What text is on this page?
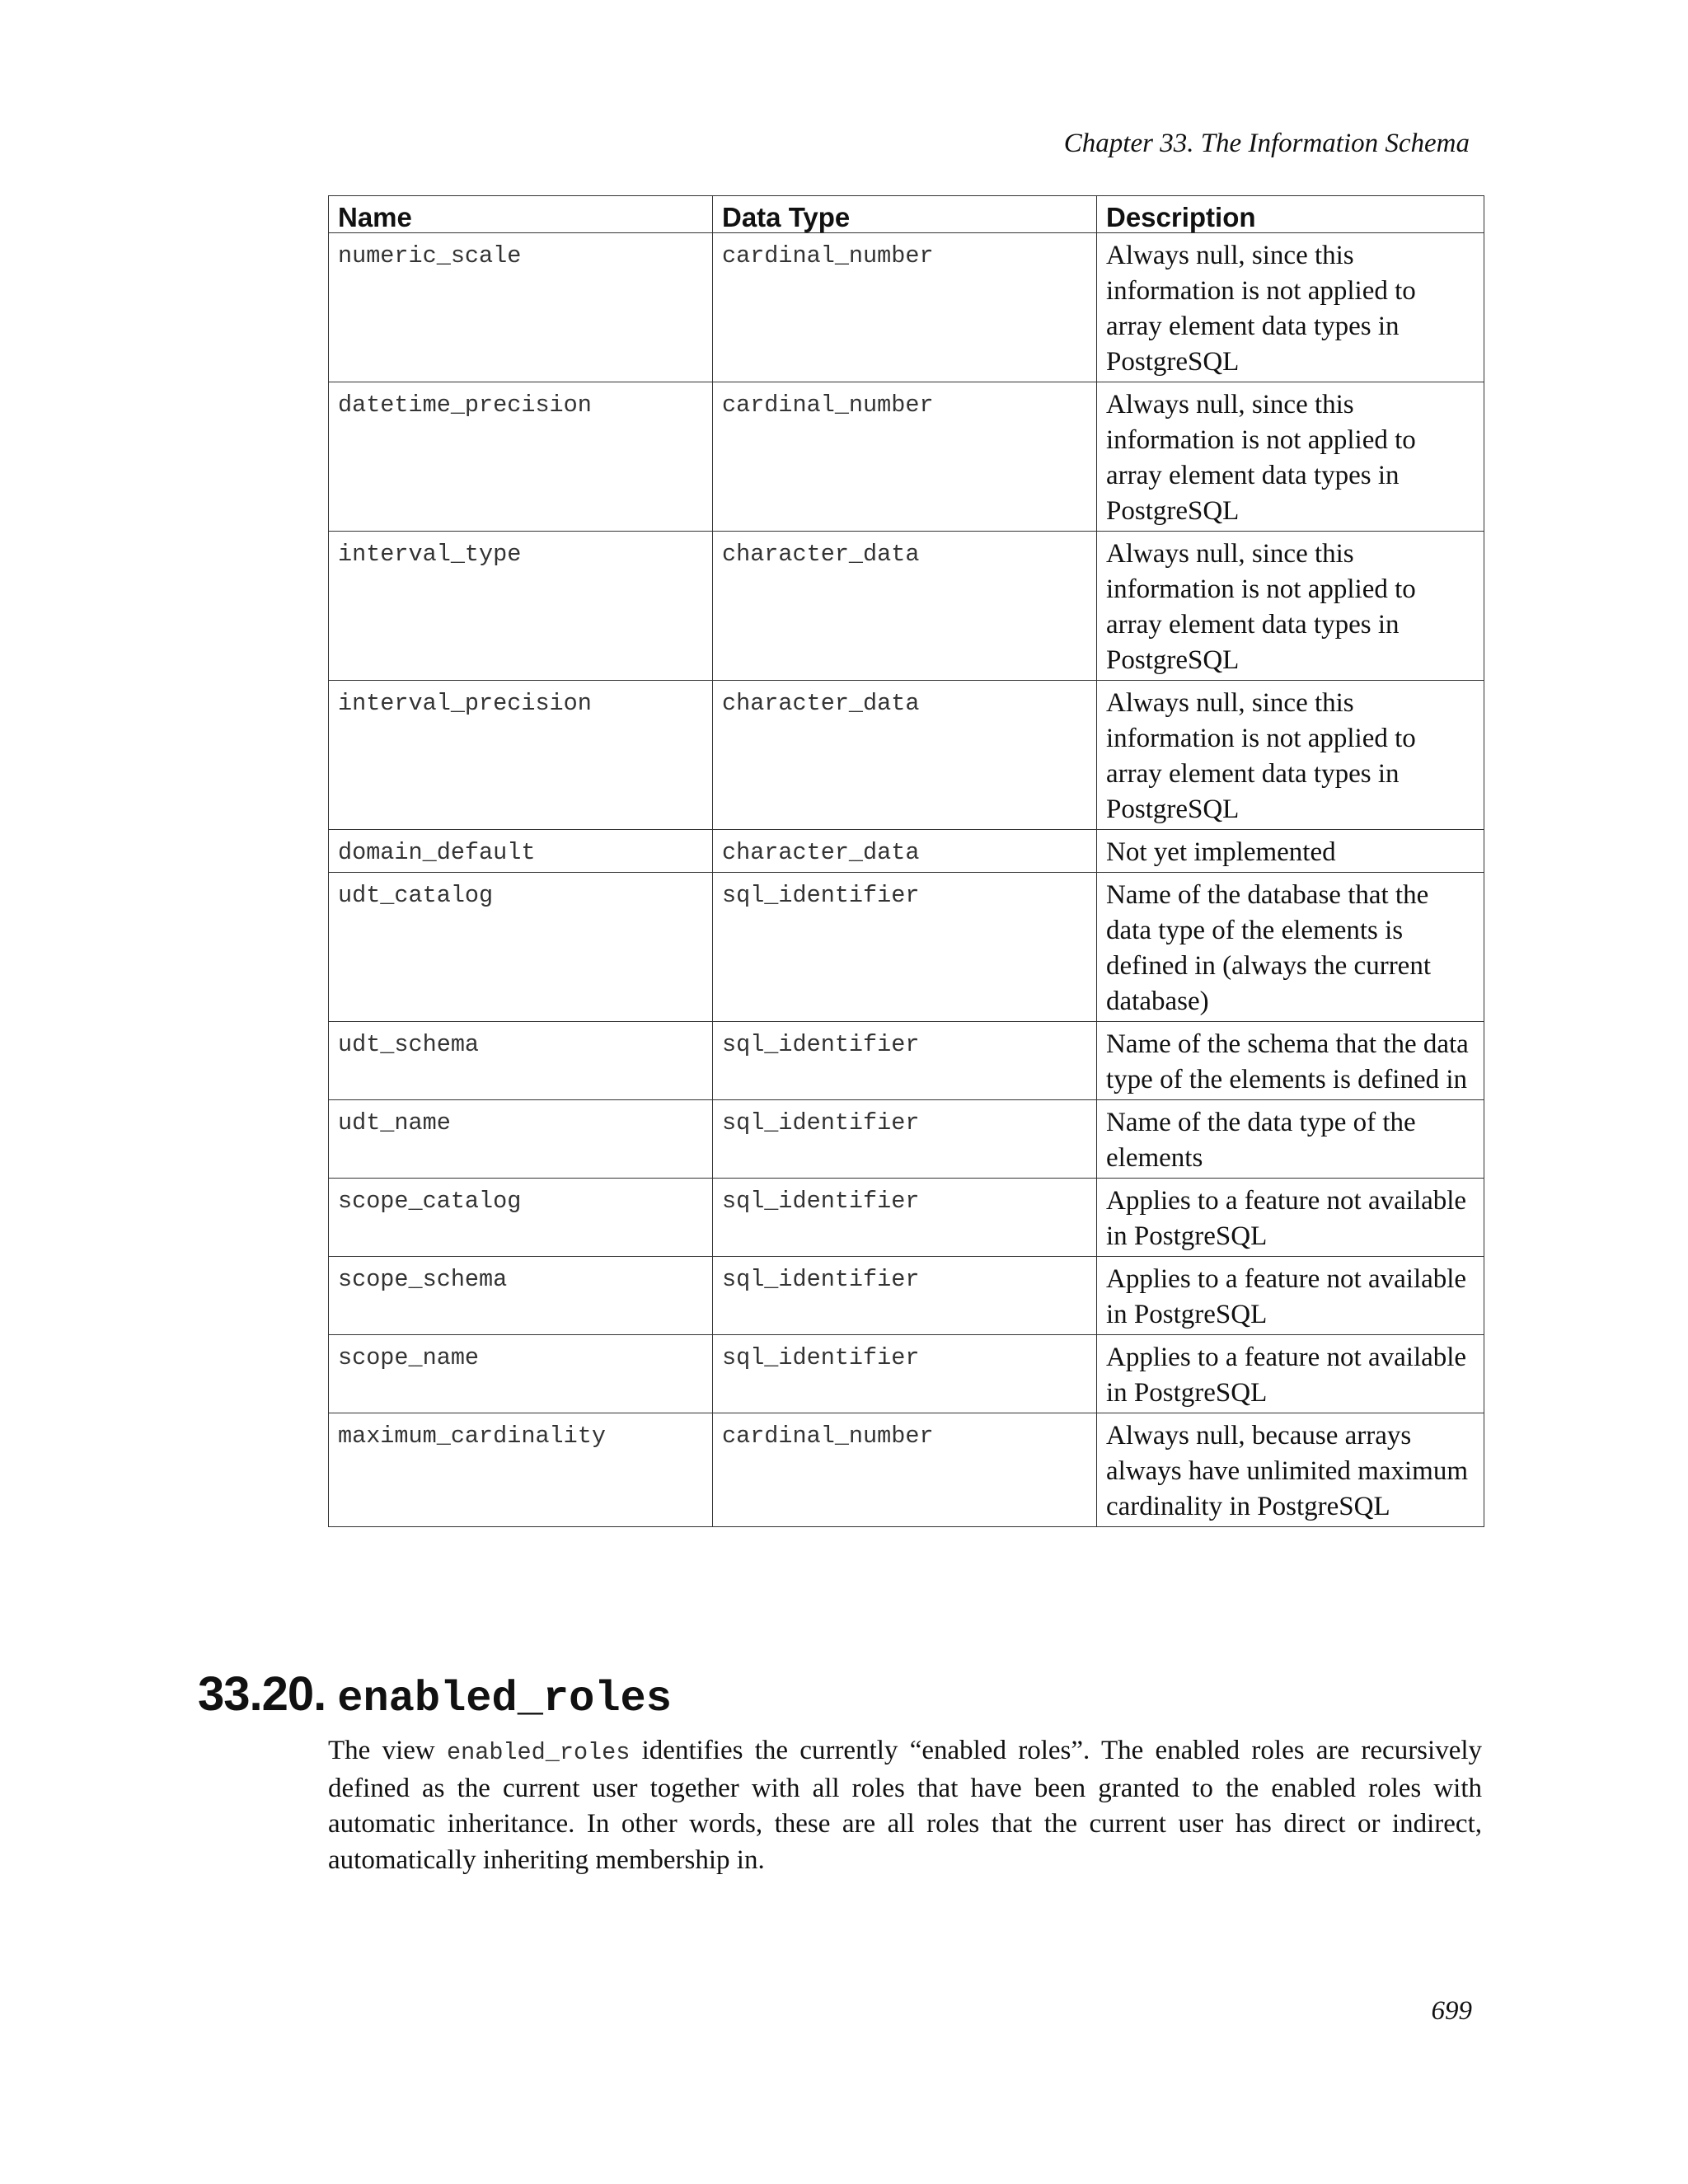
Chapter 33. The Information Schema
Name	Data Type	Description
numeric_scale	cardinal_number	Always null, since this information is not applied to array element data types in PostgreSQL
datetime_precision	cardinal_number	Always null, since this information is not applied to array element data types in PostgreSQL
interval_type	character_data	Always null, since this information is not applied to array element data types in PostgreSQL
interval_precision	character_data	Always null, since this information is not applied to array element data types in PostgreSQL
domain_default	character_data	Not yet implemented
udt_catalog	sql_identifier	Name of the database that the data type of the elements is defined in (always the current database)
udt_schema	sql_identifier	Name of the schema that the data type of the elements is defined in
udt_name	sql_identifier	Name of the data type of the elements
scope_catalog	sql_identifier	Applies to a feature not available in PostgreSQL
scope_schema	sql_identifier	Applies to a feature not available in PostgreSQL
scope_name	sql_identifier	Applies to a feature not available in PostgreSQL
maximum_cardinality	cardinal_number	Always null, because arrays always have unlimited maximum cardinality in PostgreSQL
33.20. enabled_roles

The view enabled_roles identifies the currently “enabled roles”. The enabled roles are recursively defined as the current user together with all roles that have been granted to the enabled roles with automatic inheritance. In other words, these are all roles that the current user has direct or indirect, automatically inheriting membership in.

699
